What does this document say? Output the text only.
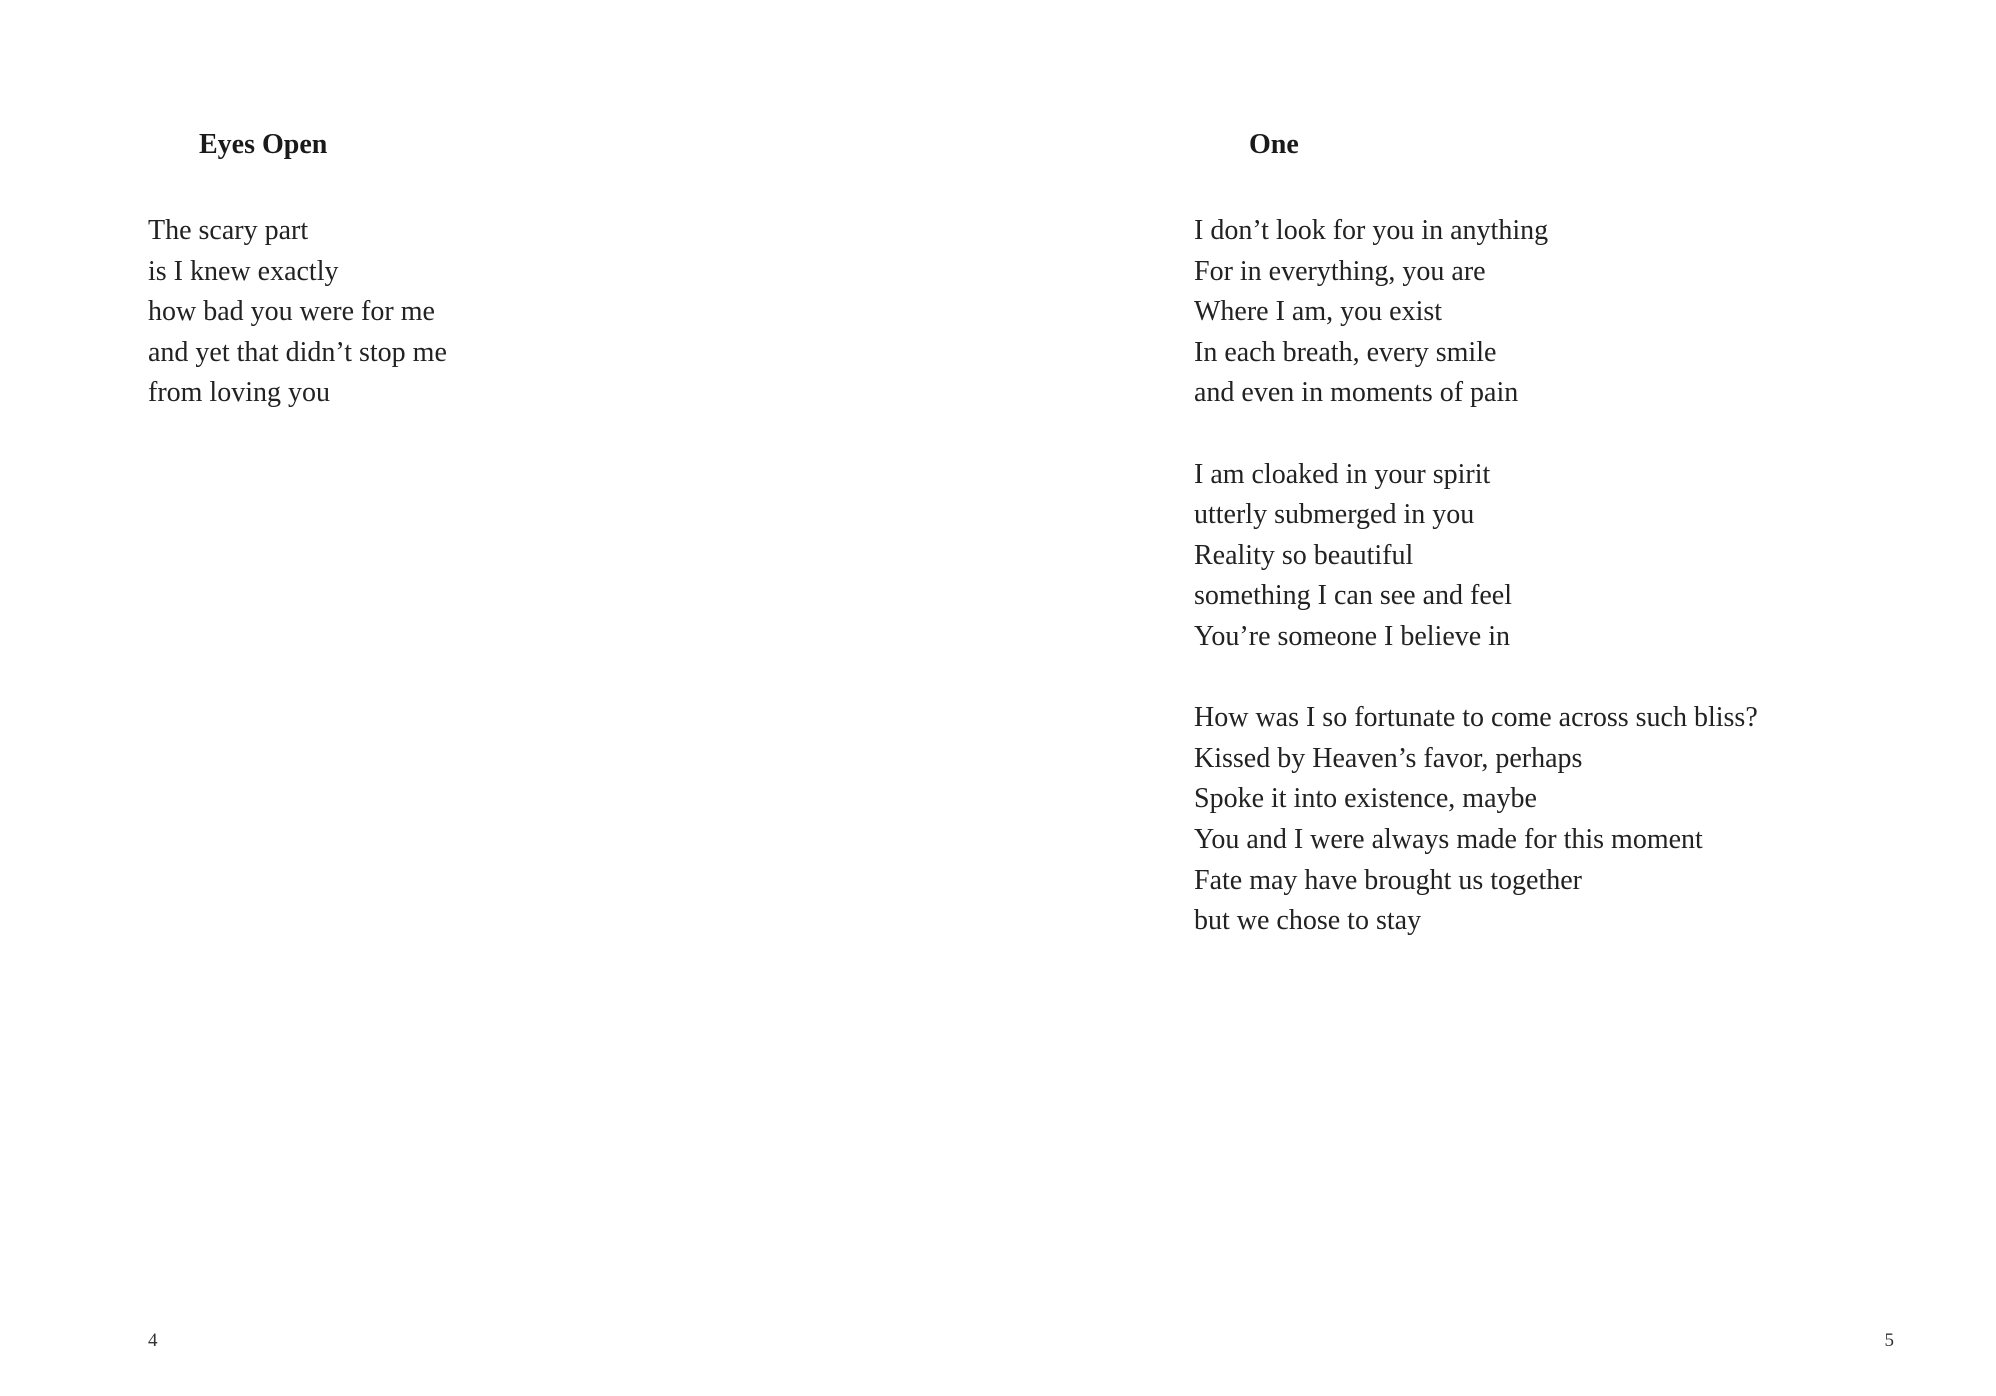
Eyes Open
The scary part
is I knew exactly
how bad you were for me
and yet that didn’t stop me
from loving you
4
One
I don’t look for you in anything
For in everything, you are
Where I am, you exist
In each breath, every smile
and even in moments of pain
I am cloaked in your spirit
utterly submerged in you
Reality so beautiful
something I can see and feel
You’re someone I believe in
How was I so fortunate to come across such bliss?
Kissed by Heaven’s favor, perhaps
Spoke it into existence, maybe
You and I were always made for this moment
Fate may have brought us together
but we chose to stay
5
